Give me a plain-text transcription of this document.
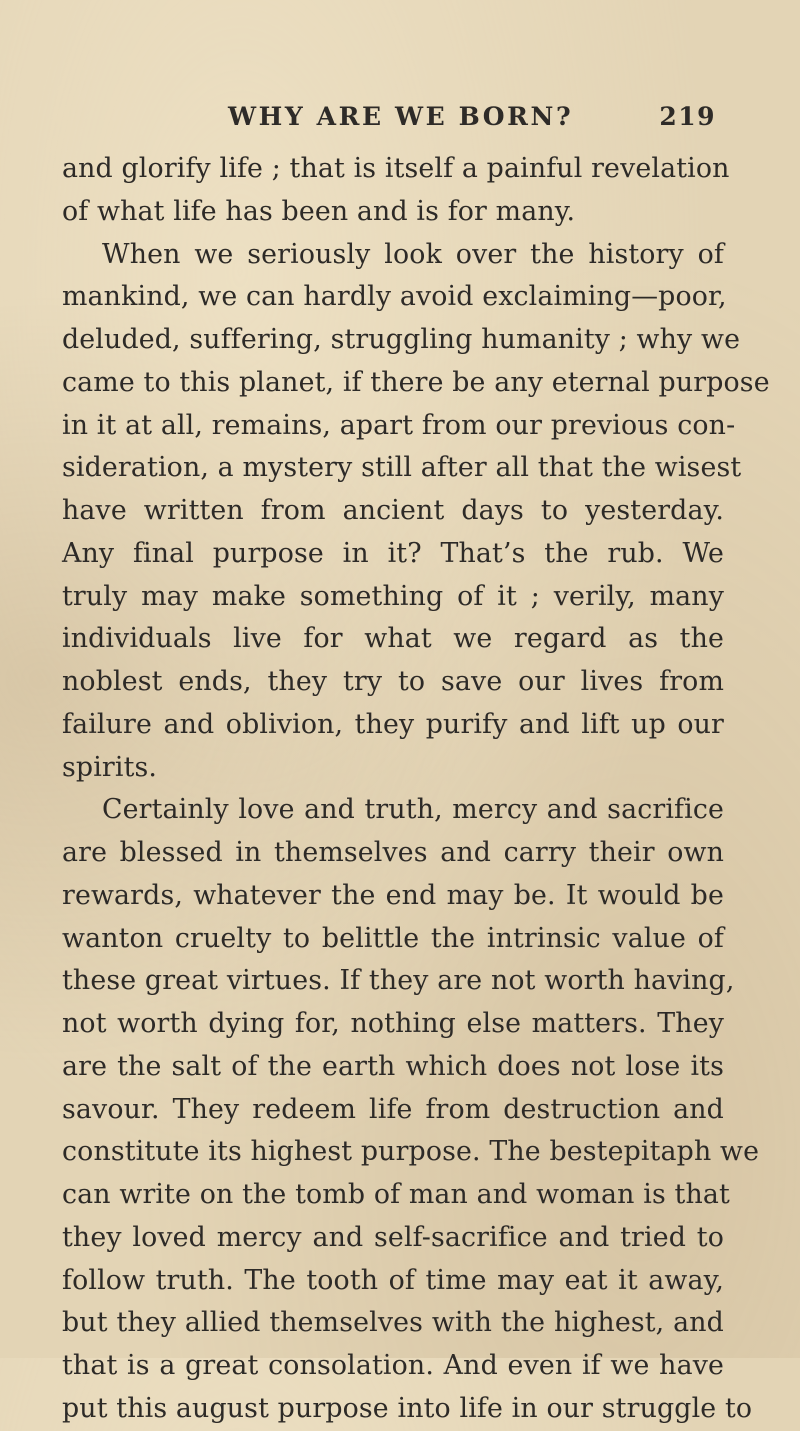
WHY ARE WE BORN?	219
and glorify life ; that is itself a painful revelation
of what life has been and is for many.
When we seriously look over the history of
mankind, we can hardly avoid exclaiming—poor,
deluded, suffering, struggling humanity ; why we
came to this planet, if there be any eternal purpose
in it at all, remains, apart from our previous con-
sideration, a mystery still after all that the wisest
have written from ancient days to yesterday.
Any final purpose in it? That’s the rub. We
truly may make something of it ; verily, many
individuals live for what we regard as the
noblest ends, they try to save our lives from
failure and oblivion, they purify and lift up our
spirits.
Certainly love and truth, mercy and sacrifice
are blessed in themselves and carry their own
rewards, whatever the end may be. It would be
wanton cruelty to belittle the intrinsic value of
these great virtues. If they are not worth having,
not worth dying for, nothing else matters. They
are the salt of the earth which does not lose its
savour. They redeem life from destruction and
constitute its highest purpose. The bestepitaph we
can write on the tomb of man and woman is that
they loved mercy and self-sacrifice and tried to
follow truth. The tooth of time may eat it away,
but they allied themselves with the highest, and
that is a great consolation. And even if we have
put this august purpose into life in our struggle to
